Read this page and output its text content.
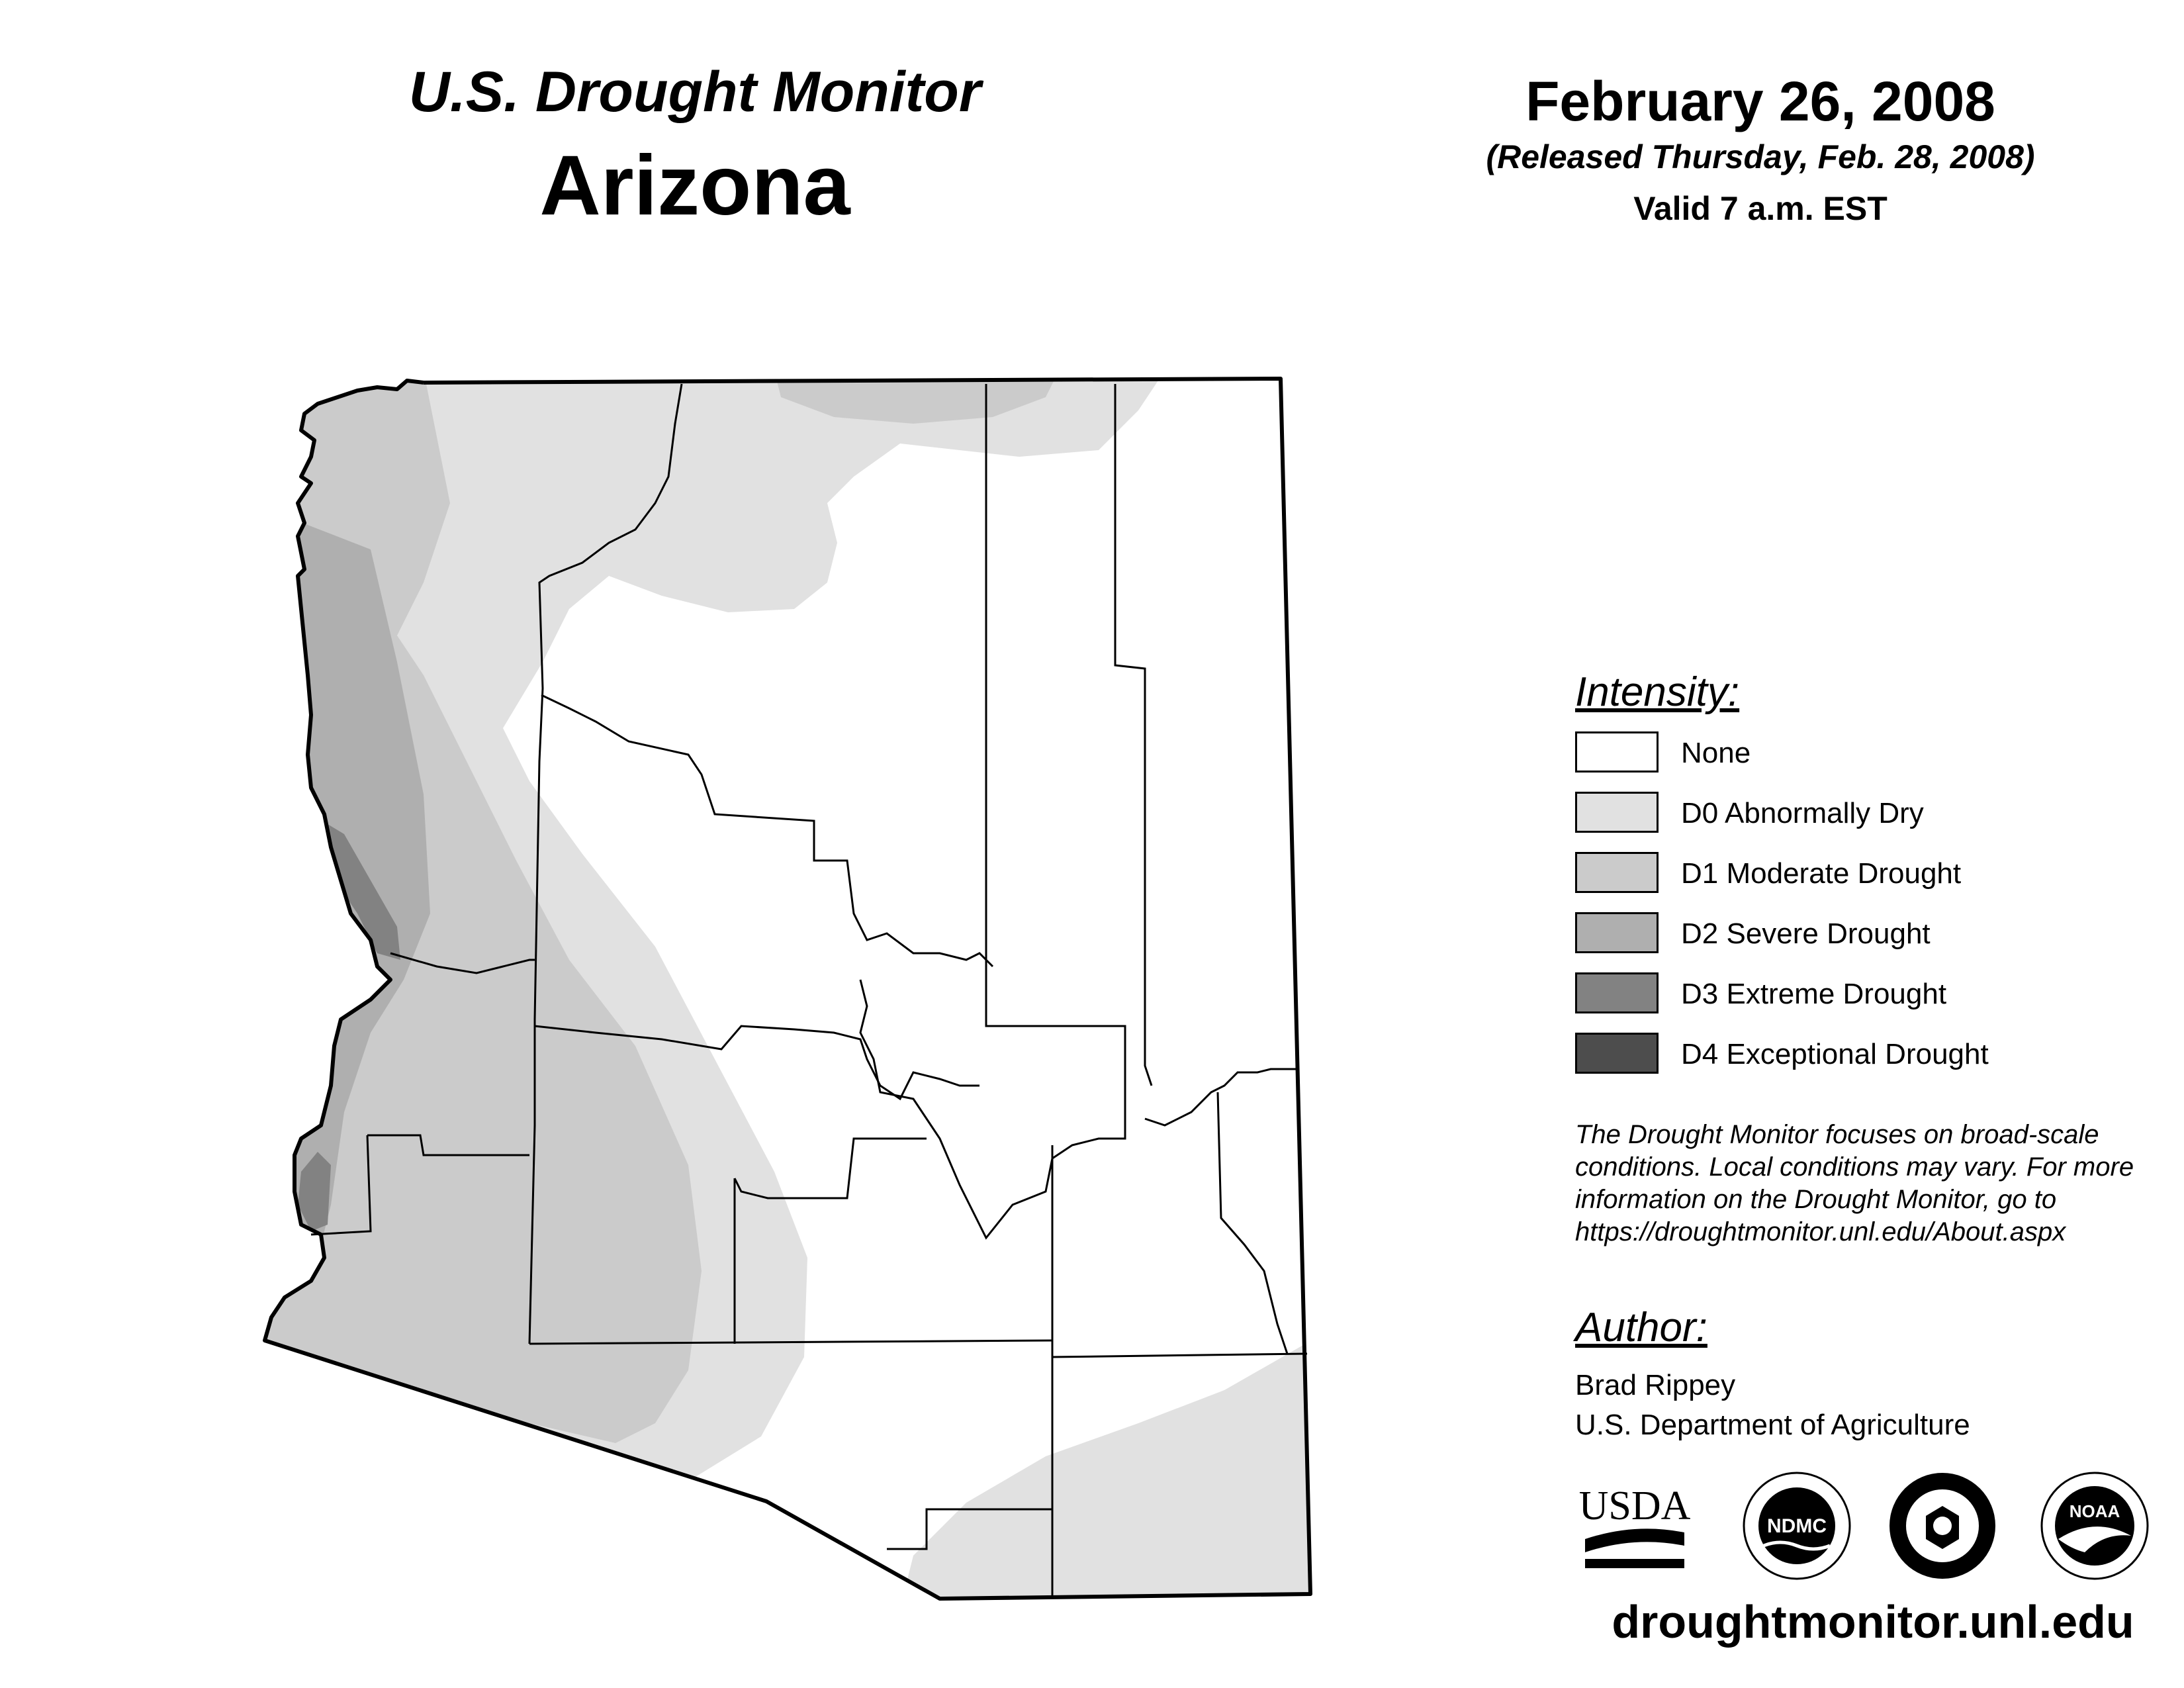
U.S. Drought Monitor
Arizona
February 26, 2008
(Released Thursday, Feb. 28, 2008)
Valid 7 a.m. EST
Intensity:
None
D0 Abnormally Dry
D1 Moderate Drought
D2 Severe Drought
D3 Extreme Drought
D4 Exceptional Drought
The Drought Monitor focuses on broad-scale
conditions. Local conditions may vary. For more
information on the Drought Monitor, go to
https://droughtmonitor.unl.edu/About.aspx
Author:
Brad Rippey
U.S. Department of Agriculture
USDA	NDMC
NOAA
droughtmonitor.unl.edu
